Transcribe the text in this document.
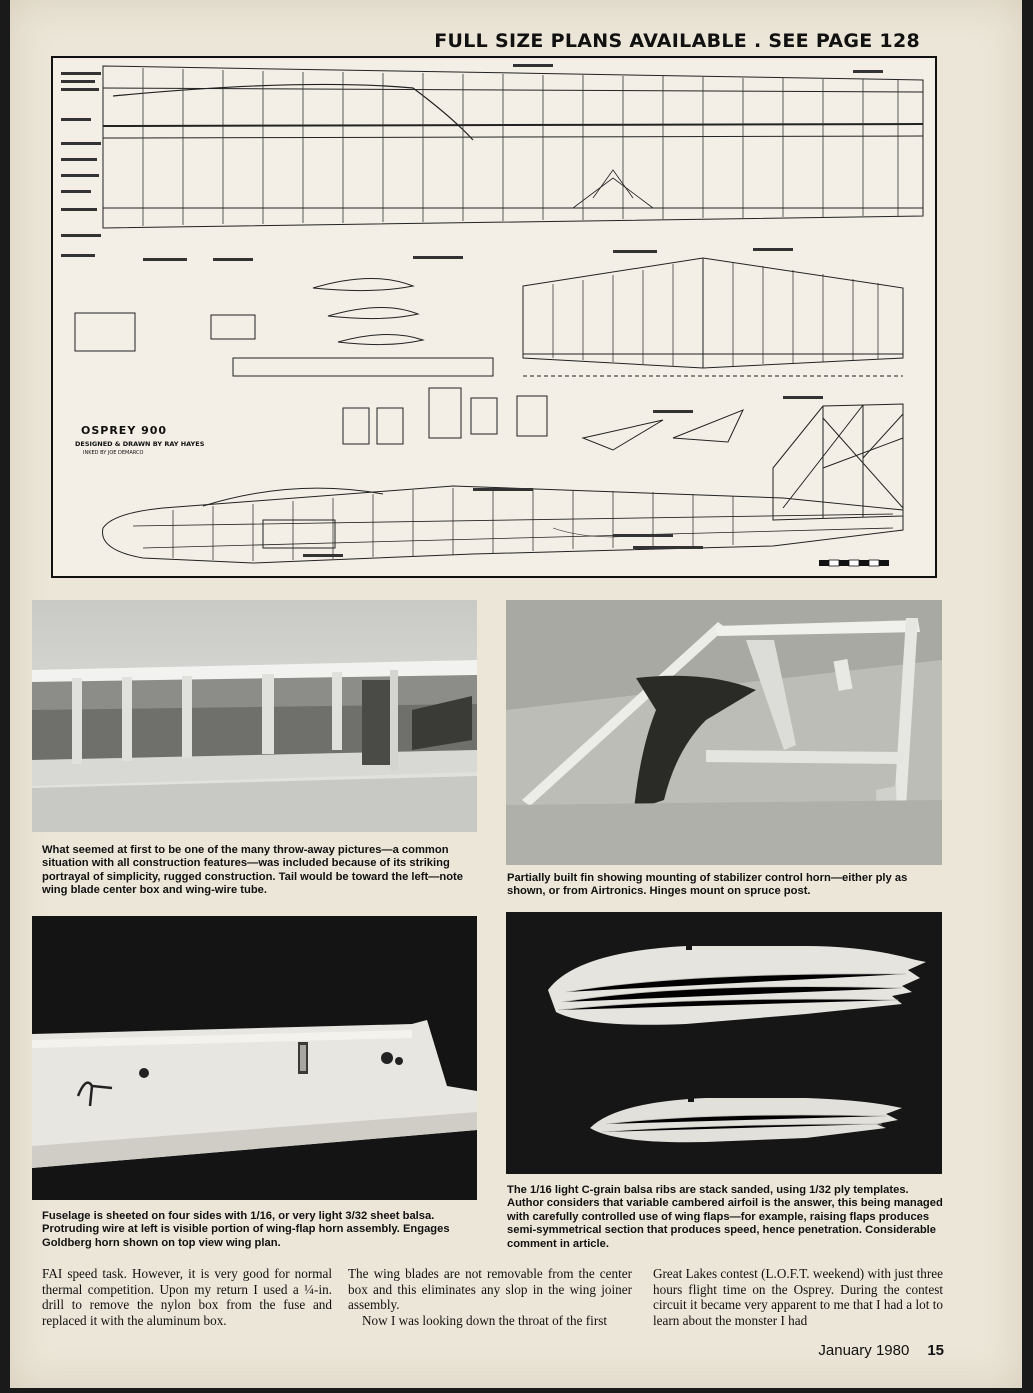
FULL SIZE PLANS AVAILABLE . SEE PAGE 128
OSPREY 900
DESIGNED & DRAWN BY RAY HAYES
INKED BY JOE DEMARCO
What seemed at first to be one of the many throw-away pictures—a common situation with all construction features—was included because of its striking portrayal of simplicity, rugged construction. Tail would be toward the left—note wing blade center box and wing-wire tube.
Partially built fin showing mounting of stabilizer control horn—either ply as shown, or from Airtronics. Hinges mount on spruce post.
Fuselage is sheeted on four sides with 1/16, or very light 3/32 sheet balsa. Protruding wire at left is visible portion of wing-flap horn assembly. Engages Goldberg horn shown on top view wing plan.
The 1/16 light C-grain balsa ribs are stack sanded, using 1/32 ply templates. Author considers that variable cambered airfoil is the answer, this being managed with carefully controlled use of wing flaps—for example, raising flaps produces semi-symmetrical section that produces speed, hence penetration. Considerable comment in article.

FAI speed task. However, it is very good for normal thermal competition. Upon my return I used a ¼-in. drill to remove the nylon box from the fuse and replaced it with the aluminum box.

The wing blades are not removable from the center box and this eliminates any slop in the wing joiner assembly.

Now I was looking down the throat of the first

Great Lakes contest (L.O.F.T. weekend) with just three hours flight time on the Osprey. During the contest circuit it became very apparent to me that I had a lot to learn about the monster I had

January 1980 15
